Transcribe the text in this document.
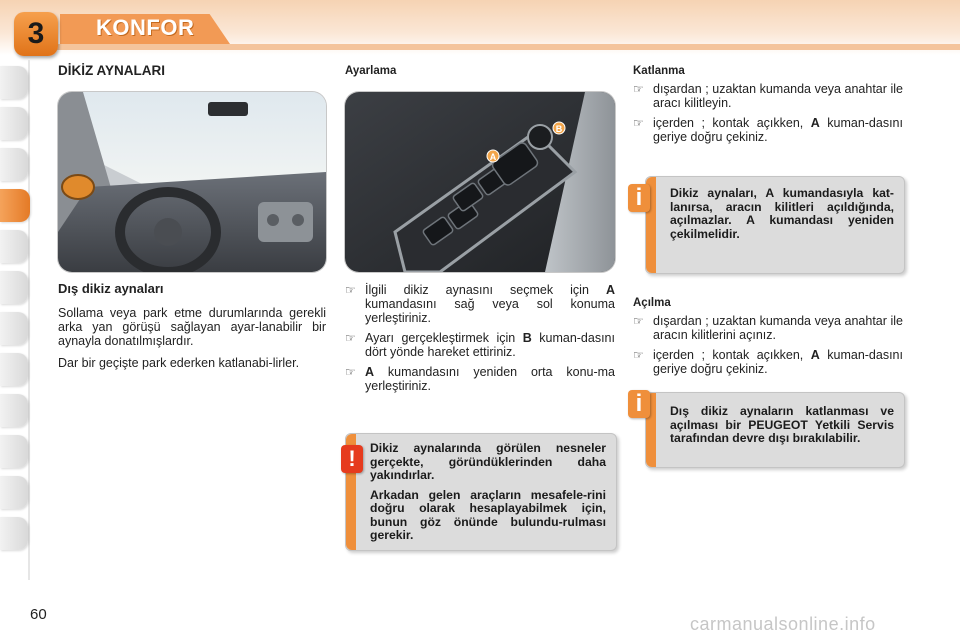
3	KONFOR
DİKİZ AYNALARI
Dış dikiz aynaları

Sollama veya park etme durumlarında gerekli arka yan görüşü sağlayan ayar-lanabilir bir aynayla donatılmışlardır.

Dar bir geçişte park ederken katlanabi-lirler.

Ayarlama
A
B
☞ İlgili dikiz aynasını seçmek için A kumandasını sağ veya sol konuma yerleştiriniz.
☞ Ayarı gerçekleştirmek için B kuman-dasını dört yönde hareket ettiriniz.
☞ A kumandasını yeniden orta konu-ma yerleştiriniz.

Dikiz aynalarında görülen nesneler gerçekte, göründüklerinden daha yakındırlar.

Arkadan gelen araçların mesafele-rini doğru olarak hesaplayabilmek için, bunun göz önünde bulundu-rulması gerekir.

!
Katlanma
☞ dışardan ; uzaktan kumanda veya anahtar ile aracı kilitleyin.
☞ içerden ; kontak açıkken, A kuman-dasını geriye doğru çekiniz.
Dikiz aynaları, A kumandasıyla kat-lanırsa, aracın kilitleri açıldığında, açılmazlar. A kumandası yeniden çekilmelidir.
i
Açılma
☞ dışardan ; uzaktan kumanda veya anahtar ile aracın kilitlerini açınız.
☞ içerden ; kontak açıkken, A kuman-dasını geriye doğru çekiniz.
Dış dikiz aynaların katlanması ve açılması bir PEUGEOT Yetkili Servis tarafından devre dışı bırakılabilir.
i
60	carmanualsonline.info
